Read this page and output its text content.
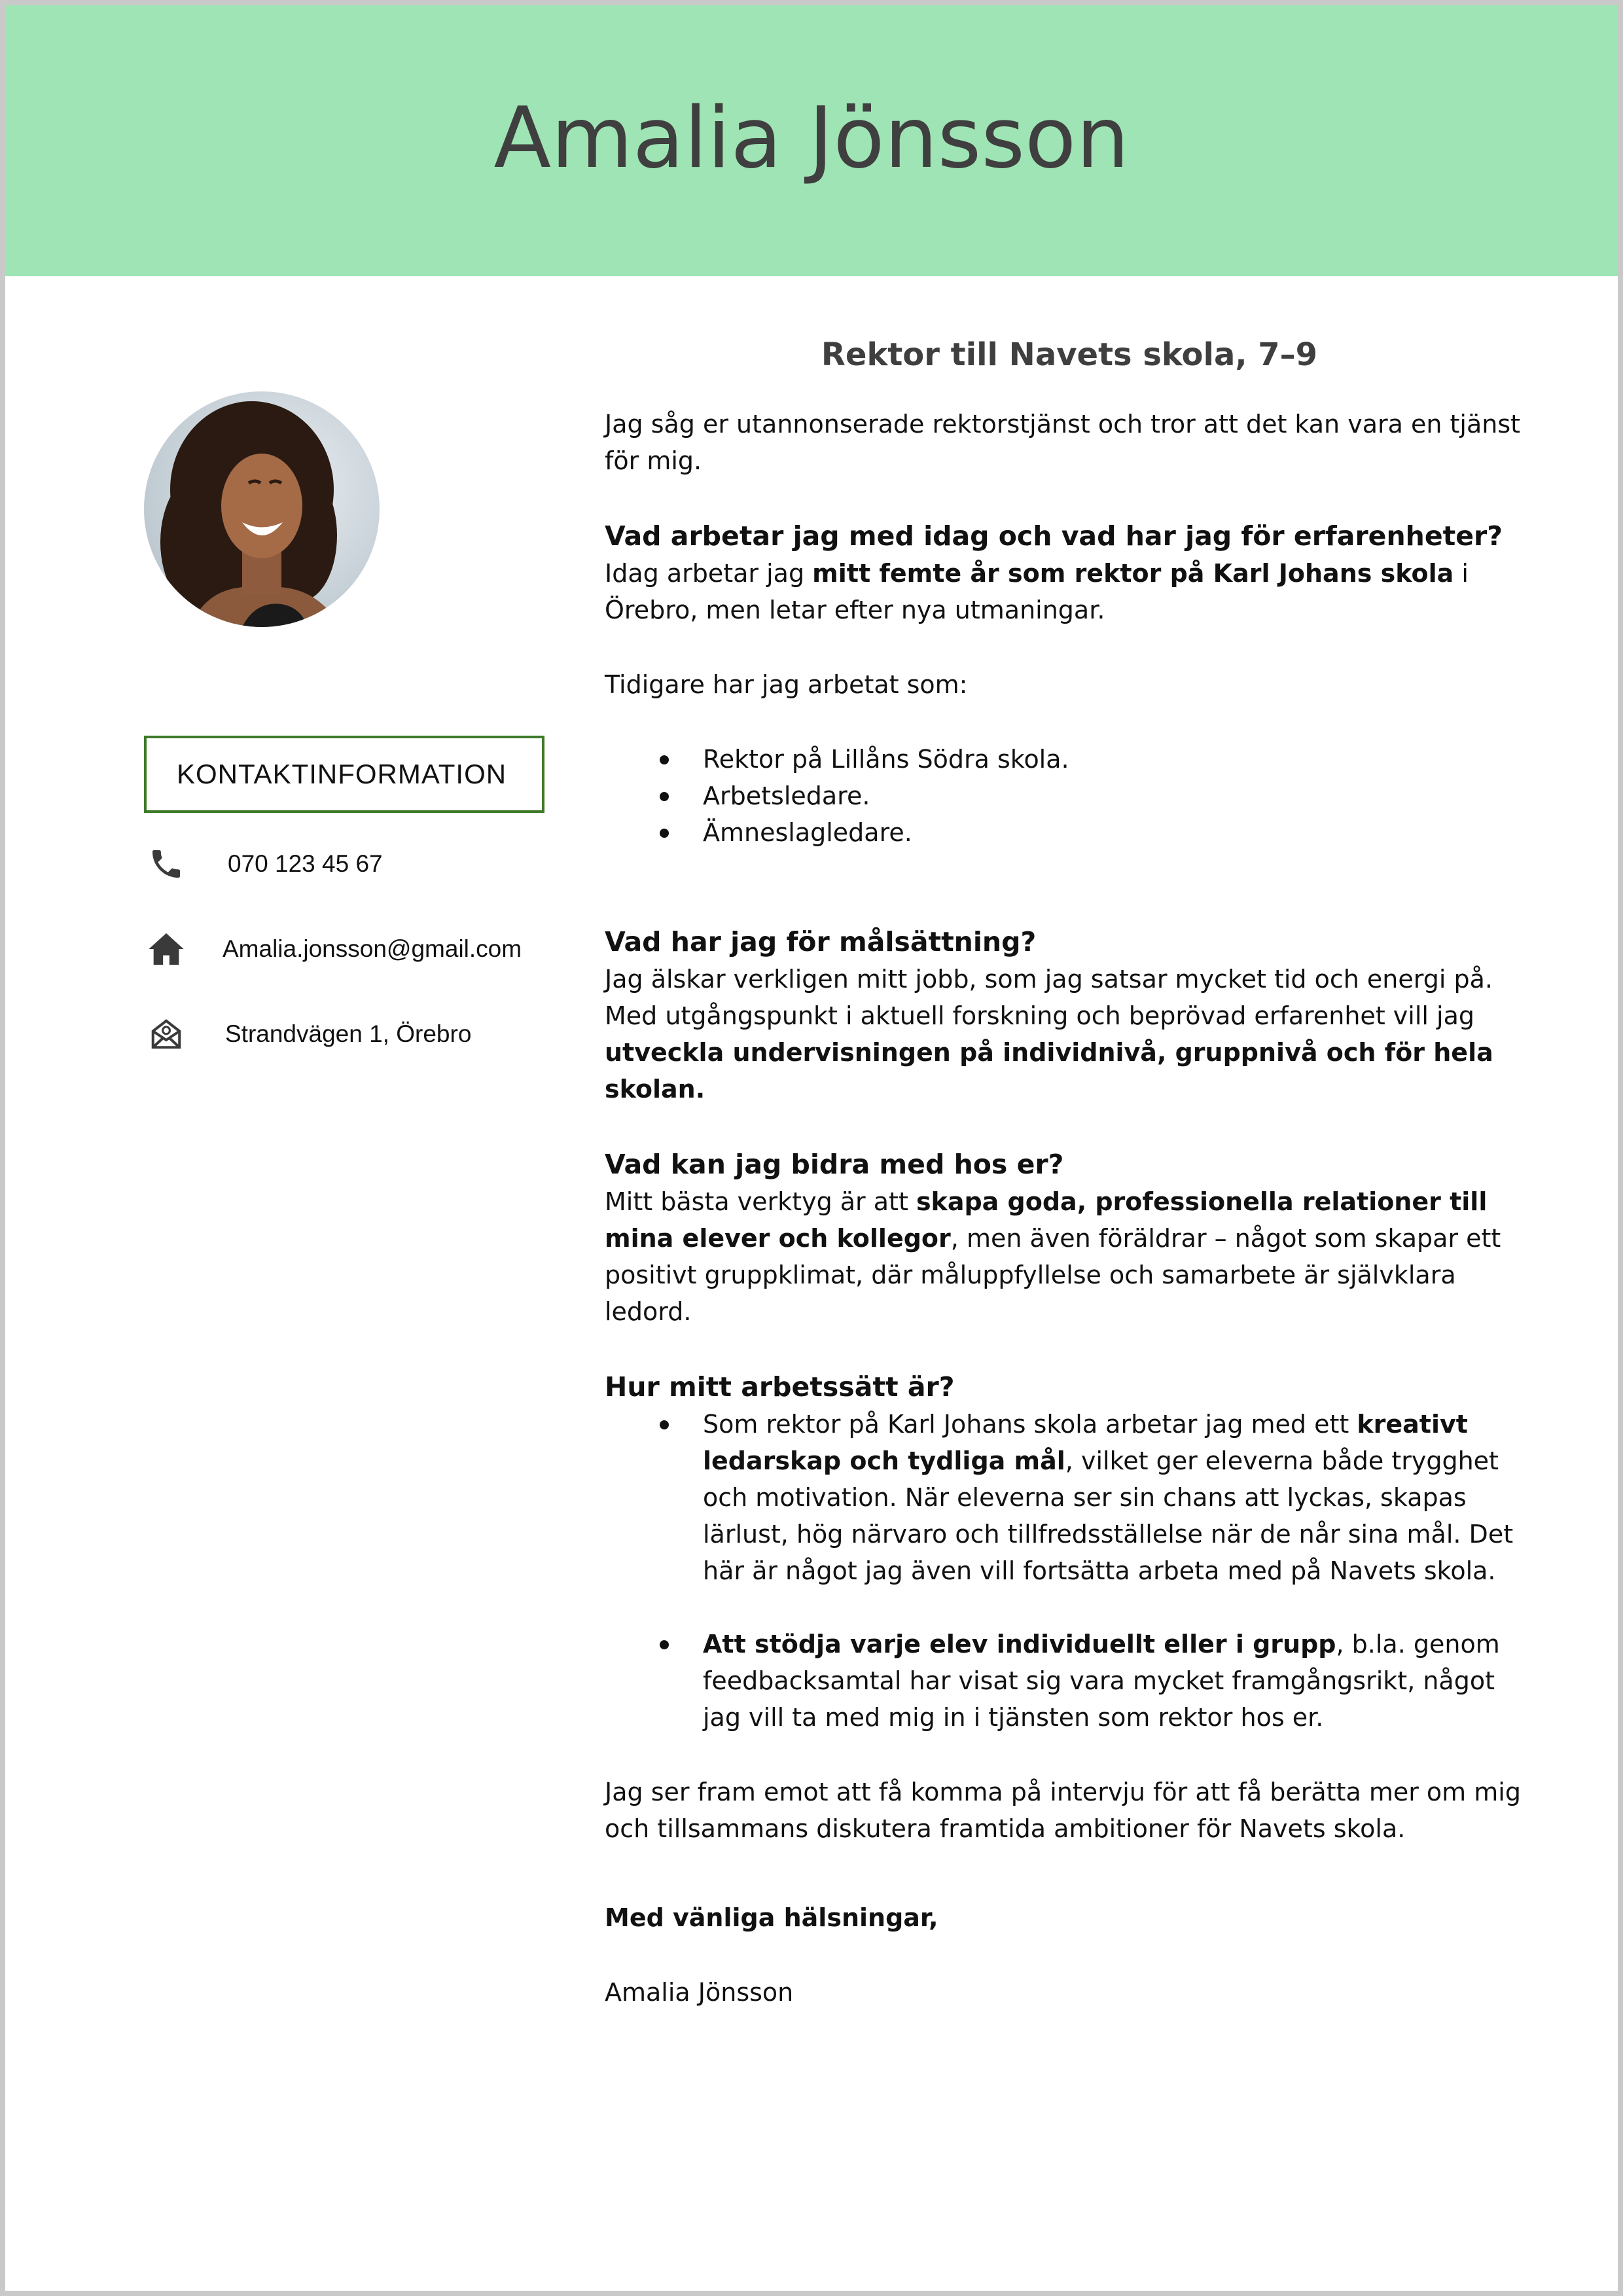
Amalia Jönsson
KONTAKTINFORMATION
070 123 45 67
Amalia.jonsson@gmail.com
Strandvägen 1, Örebro
Rektor till Navets skola, 7–9

Jag såg er utannonserade rektorstjänst och tror att det kan vara en tjänst för mig.

Vad arbetar jag med idag och vad har jag för erfarenheter?

Idag arbetar jag mitt femte år som rektor på Karl Johans skola i Örebro, men letar efter nya utmaningar.

Tidigare har jag arbetat som:

Rektor på Lillåns Södra skola.
Arbetsledare.
Ämneslagledare.
Vad har jag för målsättning?

Jag älskar verkligen mitt jobb, som jag satsar mycket tid och energi på. Med utgångspunkt i aktuell forskning och beprövad erfarenhet vill jag utveckla undervisningen på individnivå, gruppnivå och för hela skolan.

Vad kan jag bidra med hos er?

Mitt bästa verktyg är att skapa goda, professionella relationer till mina elever och kollegor, men även föräldrar – något som skapar ett positivt gruppklimat, där måluppfyllelse och samarbete är självklara ledord.

Hur mitt arbetssätt är?
Som rektor på Karl Johans skola arbetar jag med ett kreativt ledarskap och tydliga mål, vilket ger eleverna både trygghet och motivation. När eleverna ser sin chans att lyckas, skapas lärlust, hög närvaro och tillfredsställelse när de når sina mål. Det här är något jag även vill fortsätta arbeta med på Navets skola.
Att stödja varje elev individuellt eller i grupp, b.la. genom feedbacksamtal har visat sig vara mycket framgångsrikt, något jag vill ta med mig in i tjänsten som rektor hos er.

Jag ser fram emot att få komma på intervju för att få berätta mer om mig och tillsammans diskutera framtida ambitioner för Navets skola.

Med vänliga hälsningar,

Amalia Jönsson
